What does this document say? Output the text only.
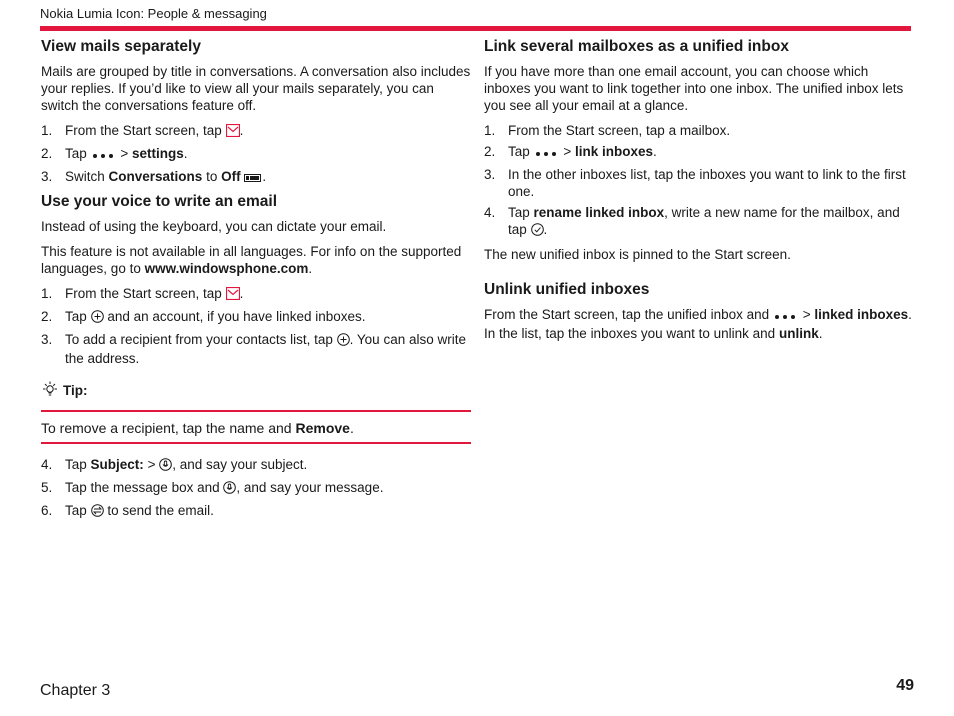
Nokia Lumia Icon: People & messaging
View mails separately

Mails are grouped by title in conversations. A conversation also includes your replies. If you’d like to view all your mails separately, you can switch the conversations feature off.

1. From the Start screen, tap .
2. Tap > settings.
3. Switch Conversations to Off .
Use your voice to write an email

Instead of using the keyboard, you can dictate your email.

This feature is not available in all languages. For info on the supported languages, go to www.windowsphone.com.

1. From the Start screen, tap .
2. Tap and an account, if you have linked inboxes.
3. To add a recipient from your contacts list, tap . You can also write the address.
Tip:
To remove a recipient, tap the name and Remove.
4. Tap Subject: > , and say your subject.
5. Tap the message box and , and say your message.
6. Tap to send the email.
Link several mailboxes as a unified inbox

If you have more than one email account, you can choose which inboxes you want to link together into one inbox. The unified inbox lets you see all your email at a glance.

1. From the Start screen, tap a mailbox.
2. Tap > link inboxes.
3. In the other inboxes list, tap the inboxes you want to link to the first one.
4. Tap rename linked inbox, write a new name for the mailbox, and tap .

The new unified inbox is pinned to the Start screen.

Unlink unified inboxes

From the Start screen, tap the unified inbox and > linked inboxes. In the list, tap the inboxes you want to unlink and unlink.

Chapter 3	49
